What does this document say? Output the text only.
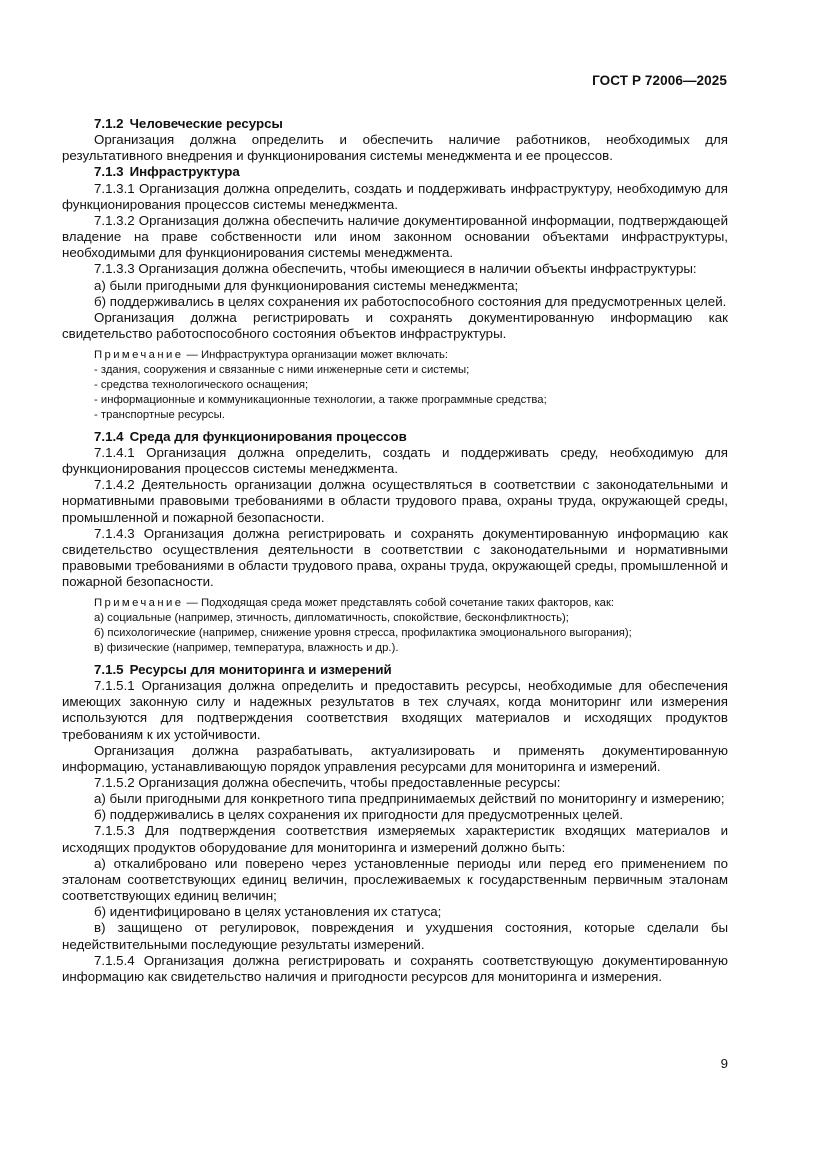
ГОСТ Р 72006—2025
7.1.2 Человеческие ресурсы

Организация должна определить и обеспечить наличие работников, необходимых для результативного внедрения и функционирования системы менеджмента и ее процессов.

7.1.3 Инфраструктура

7.1.3.1 Организация должна определить, создать и поддерживать инфраструктуру, необходимую для функционирования процессов системы менеджмента.

7.1.3.2 Организация должна обеспечить наличие документированной информации, подтверждающей владение на праве собственности или ином законном основании объектами инфраструктуры, необходимыми для функционирования системы менеджмента.

7.1.3.3 Организация должна обеспечить, чтобы имеющиеся в наличии объекты инфраструктуры:

а) были пригодными для функционирования системы менеджмента;

б) поддерживались в целях сохранения их работоспособного состояния для предусмотренных целей.

Организация должна регистрировать и сохранять документированную информацию как свидетельство работоспособного состояния объектов инфраструктуры.

Примечание — Инфраструктура организации может включать:

- здания, сооружения и связанные с ними инженерные сети и системы;

- средства технологического оснащения;

- информационные и коммуникационные технологии, а также программные средства;

- транспортные ресурсы.

7.1.4 Среда для функционирования процессов

7.1.4.1 Организация должна определить, создать и поддерживать среду, необходимую для функционирования процессов системы менеджмента.

7.1.4.2 Деятельность организации должна осуществляться в соответствии с законодательными и нормативными правовыми требованиями в области трудового права, охраны труда, окружающей среды, промышленной и пожарной безопасности.

7.1.4.3 Организация должна регистрировать и сохранять документированную информацию как свидетельство осуществления деятельности в соответствии с законодательными и нормативными правовыми требованиями в области трудового права, охраны труда, окружающей среды, промышленной и пожарной безопасности.

Примечание — Подходящая среда может представлять собой сочетание таких факторов, как:

а) социальные (например, этичность, дипломатичность, спокойствие, бесконфликтность);

б) психологические (например, снижение уровня стресса, профилактика эмоционального выгорания);

в) физические (например, температура, влажность и др.).

7.1.5 Ресурсы для мониторинга и измерений

7.1.5.1 Организация должна определить и предоставить ресурсы, необходимые для обеспечения имеющих законную силу и надежных результатов в тех случаях, когда мониторинг или измерения используются для подтверждения соответствия входящих материалов и исходящих продуктов требованиям к их устойчивости.

Организация должна разрабатывать, актуализировать и применять документированную информацию, устанавливающую порядок управления ресурсами для мониторинга и измерений.

7.1.5.2 Организация должна обеспечить, чтобы предоставленные ресурсы:

а) были пригодными для конкретного типа предпринимаемых действий по мониторингу и измерению;

б) поддерживались в целях сохранения их пригодности для предусмотренных целей.

7.1.5.3 Для подтверждения соответствия измеряемых характеристик входящих материалов и исходящих продуктов оборудование для мониторинга и измерений должно быть:

а) откалибровано или поверено через установленные периоды или перед его применением по эталонам соответствующих единиц величин, прослеживаемых к государственным первичным эталонам соответствующих единиц величин;

б) идентифицировано в целях установления их статуса;

в) защищено от регулировок, повреждения и ухудшения состояния, которые сделали бы недействительными последующие результаты измерений.

7.1.5.4 Организация должна регистрировать и сохранять соответствующую документированную информацию как свидетельство наличия и пригодности ресурсов для мониторинга и измерения.

9
